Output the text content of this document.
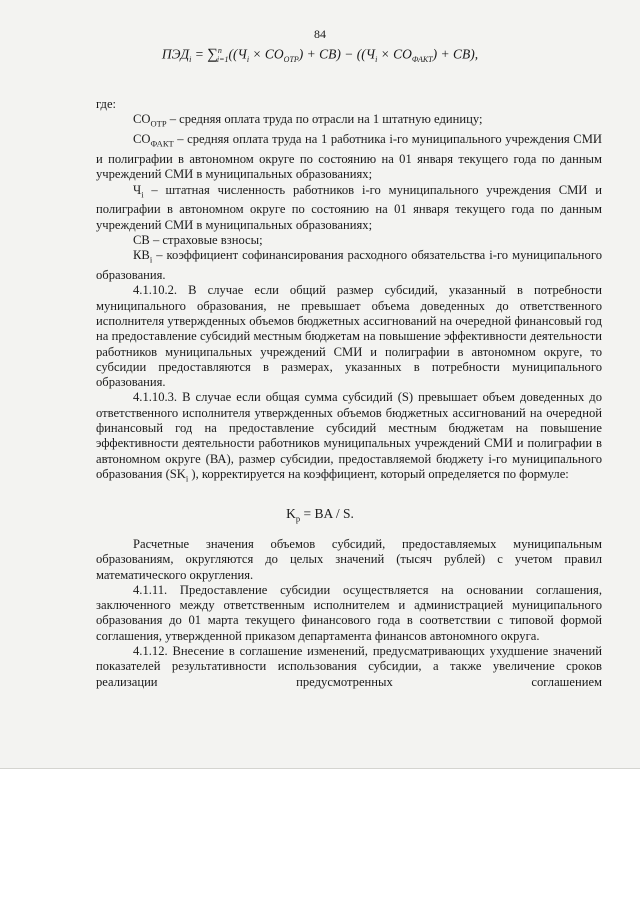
84
$ПЭД_i = \sum^n_{i=1}((Ч_i \times СО_{ОТР}) + СВ) - ((Ч_i \times СО_{ФАКТ}) + СВ)$,

где:

$СО_{ОТР}$ – средняя оплата труда по отрасли на 1 штатную единицу;

$СО_{ФАКТ}$ – средняя оплата труда на 1 работника i-го муниципального учреждения СМИ и полиграфии в автономном округе по состоянию на 01 января текущего года по данным учреждений СМИ в муниципальных образованиях;

$Ч_i$ – штатная численность работников i-го муниципального учреждения СМИ и полиграфии в автономном округе по состоянию на 01 января текущего года по данным учреждений СМИ в муниципальных образованиях;

СВ – страховые взносы;

$КВ_i$ – коэффициент софинансирования расходного обязательства i-го муниципального образования.

4.1.10.2. В случае если общий размер субсидий, указанный в потребности муниципального образования, не превышает объема доведенных до ответственного исполнителя утвержденных объемов бюджетных ассигнований на очередной финансовый год на предоставление субсидий местным бюджетам на повышение эффективности деятельности работников муниципальных учреждений СМИ и полиграфии в автономном округе, то субсидии предоставляются в размерах, указанных в потребности муниципального образования.

4.1.10.3. В случае если общая сумма субсидий (S) превышает объем доведенных до ответственного исполнителя утвержденных объемов бюджетных ассигнований на очередной финансовый год на предоставление субсидий местным бюджетам на повышение эффективности деятельности работников муниципальных учреждений СМИ и полиграфии в автономном округе (ВА), размер субсидии, предоставляемой бюджету i-го муниципального образования ($SK_i$ ), корректируется на коэффициент, который определяется по формуле:

$K_р$ = BA / S.

Расчетные значения объемов субсидий, предоставляемых муниципальным образованиям, округляются до целых значений (тысяч рублей) с учетом правил математического округления.

4.1.11. Предоставление субсидии осуществляется на основании соглашения, заключенного между ответственным исполнителем и администрацией муниципального образования до 01 марта текущего финансового года в соответствии с типовой формой соглашения, утвержденной приказом департамента финансов автономного округа.

4.1.12. Внесение в соглашение изменений, предусматривающих ухудшение значений показателей результативности использования субсидии, а также увеличение сроков реализации предусмотренных соглашением
